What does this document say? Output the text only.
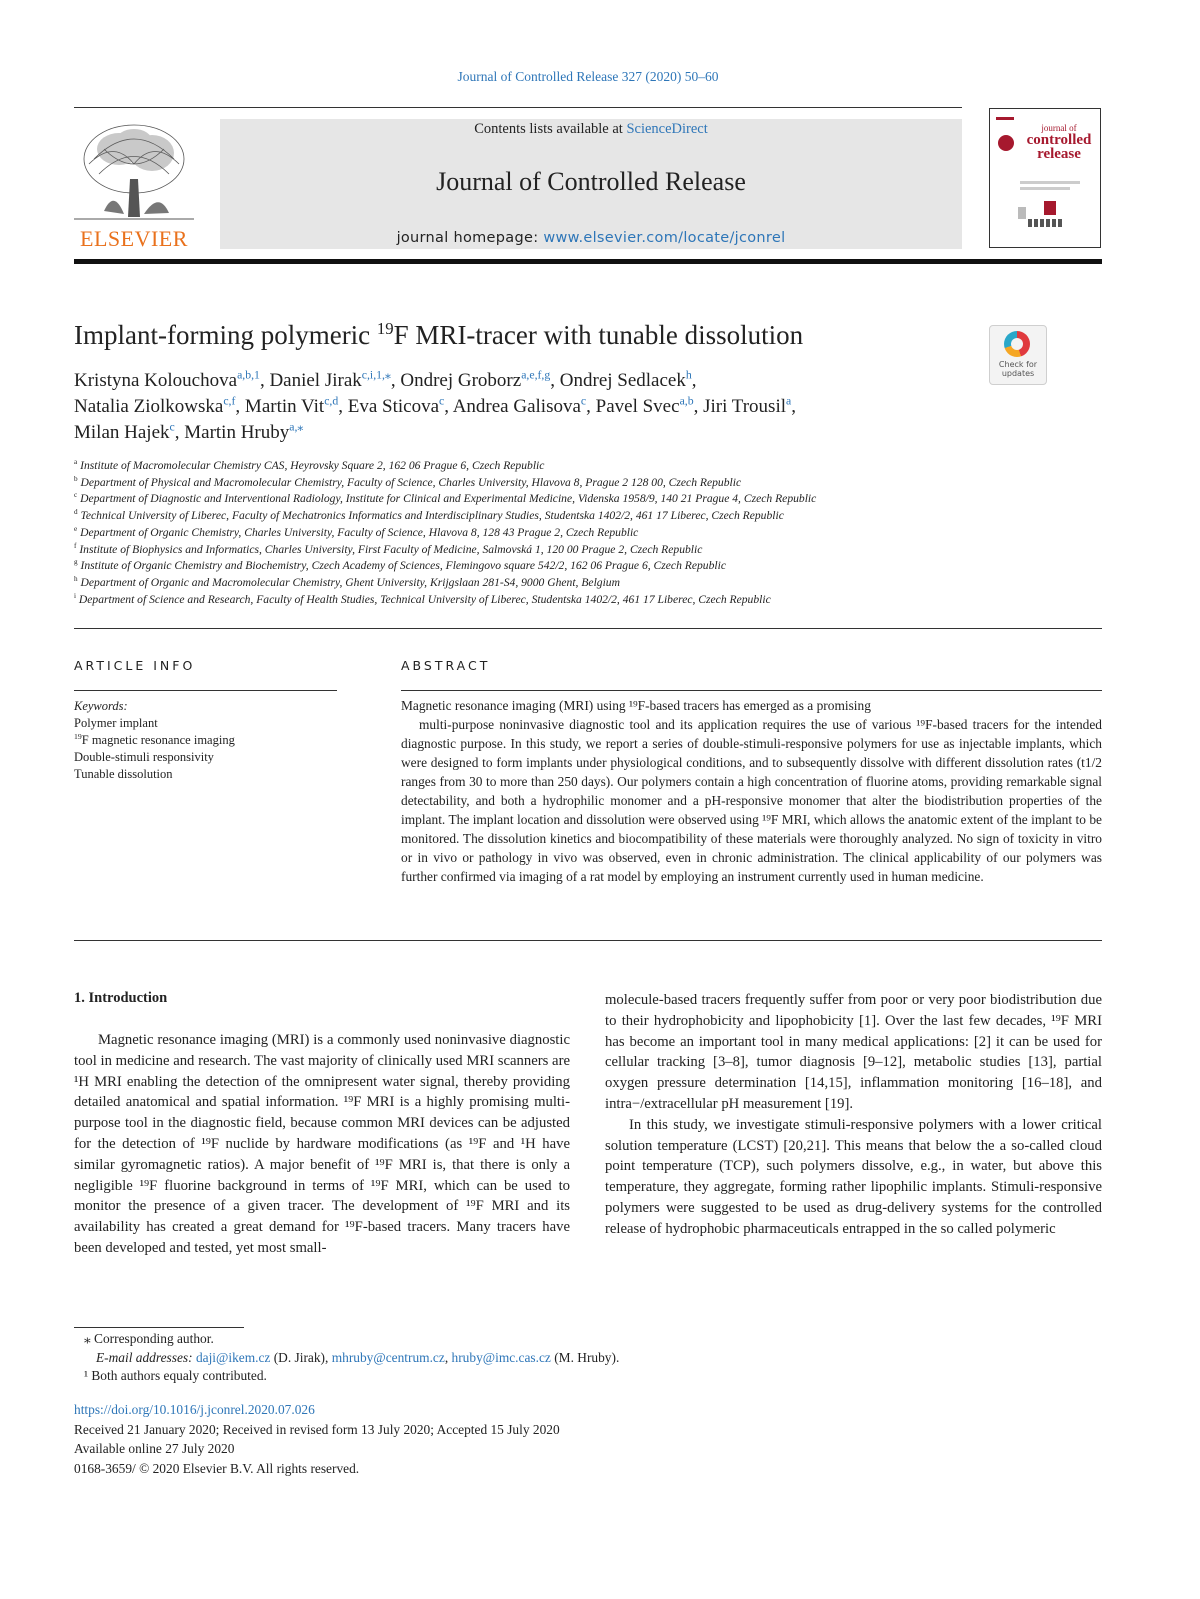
Journal of Controlled Release 327 (2020) 50–60
ELSEVIER
Contents lists available at ScienceDirect
Journal of Controlled Release
journal homepage: www.elsevier.com/locate/jconrel
journal of
controlled release
Implant-forming polymeric $^{19}$F MRI-tracer with tunable dissolution
Check for updates
Kristyna Kolouchova$^{a,b,1}$, Daniel Jirak$^{c,i,1,⁎}$, Ondrej Groborz$^{a,e,f,g}$, Ondrej Sedlacek$^h$,
Natalia Ziolkowska$^{c,f}$, Martin Vit$^{c,d}$, Eva Sticova$^c$, Andrea Galisova$^c$, Pavel Svec$^{a,b}$, Jiri Trousil$^a$,
Milan Hajek$^c$, Martin Hruby$^{a,⁎}$
$^a$ Institute of Macromolecular Chemistry CAS, Heyrovsky Square 2, 162 06 Prague 6, Czech Republic
$^b$ Department of Physical and Macromolecular Chemistry, Faculty of Science, Charles University, Hlavova 8, Prague 2 128 00, Czech Republic
$^c$ Department of Diagnostic and Interventional Radiology, Institute for Clinical and Experimental Medicine, Videnska 1958/9, 140 21 Prague 4, Czech Republic
$^d$ Technical University of Liberec, Faculty of Mechatronics Informatics and Interdisciplinary Studies, Studentska 1402/2, 461 17 Liberec, Czech Republic
$^e$ Department of Organic Chemistry, Charles University, Faculty of Science, Hlavova 8, 128 43 Prague 2, Czech Republic
$^f$ Institute of Biophysics and Informatics, Charles University, First Faculty of Medicine, Salmovská 1, 120 00 Prague 2, Czech Republic
$^g$ Institute of Organic Chemistry and Biochemistry, Czech Academy of Sciences, Flemingovo square 542/2, 162 06 Prague 6, Czech Republic
$^h$ Department of Organic and Macromolecular Chemistry, Ghent University, Krijgslaan 281-S4, 9000 Ghent, Belgium
$^i$ Department of Science and Research, Faculty of Health Studies, Technical University of Liberec, Studentska 1402/2, 461 17 Liberec, Czech Republic
ARTICLE INFO	ABSTRACT
Keywords:
Polymer implant
$^{19}$F magnetic resonance imaging
Double-stimuli responsivity
Tunable dissolution
Magnetic resonance imaging (MRI) using ¹⁹F-based tracers has emerged as a promising
multi-purpose noninvasive diagnostic tool and its application requires the use of various ¹⁹F-based tracers for the intended diagnostic purpose. In this study, we report a series of double-stimuli-responsive polymers for use as injectable implants, which were designed to form implants under physiological conditions, and to subsequently dissolve with different dissolution rates (t1/2 ranges from 30 to more than 250 days). Our polymers contain a high concentration of fluorine atoms, providing remarkable signal detectability, and both a hydrophilic monomer and a pH-responsive monomer that alter the biodistribution properties of the implant. The implant location and dissolution were observed using ¹⁹F MRI, which allows the anatomic extent of the implant to be monitored. The dissolution kinetics and biocompatibility of these materials were thoroughly analyzed. No sign of toxicity in vitro or in vivo or pathology in vivo was observed, even in chronic administration. The clinical applicability of our polymers was further confirmed via imaging of a rat model by employing an instrument currently used in human medicine.
1. Introduction

Magnetic resonance imaging (MRI) is a commonly used noninvasive diagnostic tool in medicine and research. The vast majority of clinically used MRI scanners are ¹H MRI enabling the detection of the omnipresent water signal, thereby providing detailed anatomical and spatial information. ¹⁹F MRI is a highly promising multi-purpose tool in the diagnostic field, because common MRI devices can be adjusted for the detection of ¹⁹F nuclide by hardware modifications (as ¹⁹F and ¹H have similar gyromagnetic ratios). A major benefit of ¹⁹F MRI is, that there is only a negligible ¹⁹F fluorine background in terms of ¹⁹F MRI, which can be used to monitor the presence of a given tracer. The development of ¹⁹F MRI and its availability has created a great demand for ¹⁹F-based tracers. Many tracers have been developed and tested, yet most small-

molecule-based tracers frequently suffer from poor or very poor biodistribution due to their hydrophobicity and lipophobicity [1]. Over the last few decades, ¹⁹F MRI has become an important tool in many medical applications: [2] it can be used for cellular tracking [3–8], tumor diagnosis [9–12], metabolic studies [13], partial oxygen pressure determination [14,15], inflammation monitoring [16–18], and intra−/extracellular pH measurement [19].

In this study, we investigate stimuli-responsive polymers with a lower critical solution temperature (LCST) [20,21]. This means that below the a so-called cloud point temperature (TCP), such polymers dissolve, e.g., in water, but above this temperature, they aggregate, forming rather lipophilic implants. Stimuli-responsive polymers were suggested to be used as drug-delivery systems for the controlled release of hydrophobic pharmaceuticals entrapped in the so called polymeric

⁎ Corresponding author.
E-mail addresses: daji@ikem.cz (D. Jirak), mhruby@centrum.cz, hruby@imc.cas.cz (M. Hruby).
¹ Both authors equaly contributed.
https://doi.org/10.1016/j.jconrel.2020.07.026
Received 21 January 2020; Received in revised form 13 July 2020; Accepted 15 July 2020
Available online 27 July 2020
0168-3659/ © 2020 Elsevier B.V. All rights reserved.
